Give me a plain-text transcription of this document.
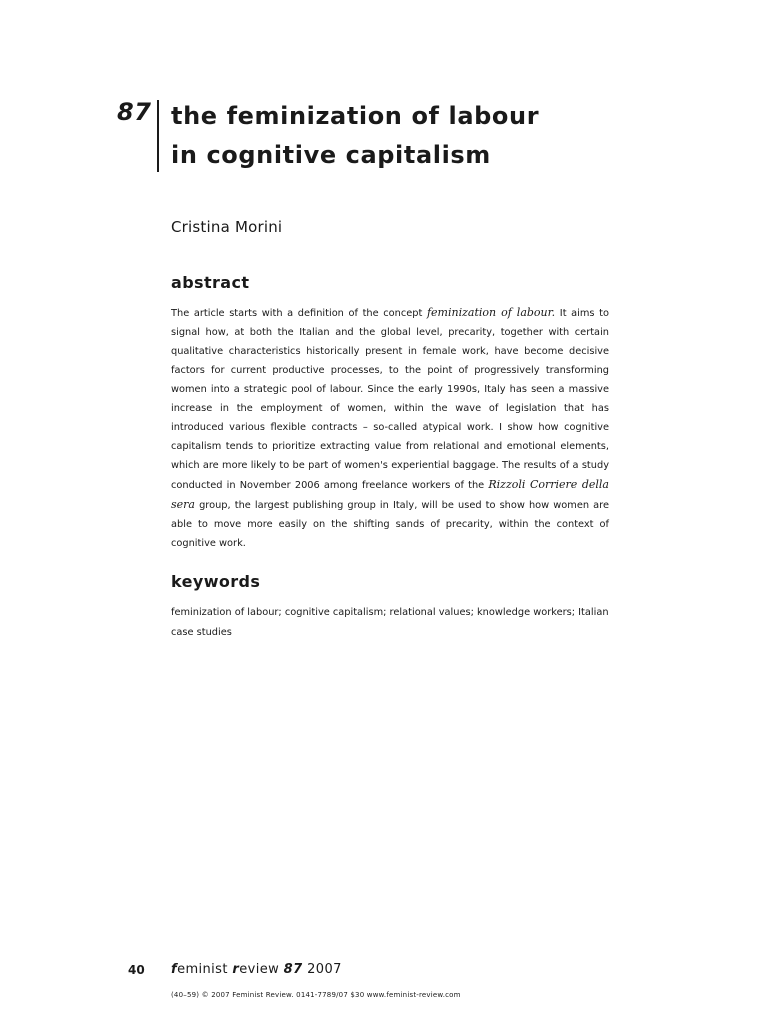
87 the feminization of labour
in cognitive capitalism
Cristina Morini
abstract

The article starts with a definition of the concept feminization of labour. It aims to signal how, at both the Italian and the global level, precarity, together with certain qualitative characteristics historically present in female work, have become decisive factors for current productive processes, to the point of progressively transforming women into a strategic pool of labour. Since the early 1990s, Italy has seen a massive increase in the employment of women, within the wave of legislation that has introduced various flexible contracts – so-called atypical work. I show how cognitive capitalism tends to prioritize extracting value from relational and emotional elements, which are more likely to be part of women's experiential baggage. The results of a study conducted in November 2006 among freelance workers of the Rizzoli Corriere della sera group, the largest publishing group in Italy, will be used to show how women are able to move more easily on the shifting sands of precarity, within the context of cognitive work.

keywords

feminization of labour; cognitive capitalism; relational values; knowledge workers; Italian case studies

40 feminist review 87 2007
(40–59) © 2007 Feminist Review. 0141-7789/07 $30 www.feminist-review.com
